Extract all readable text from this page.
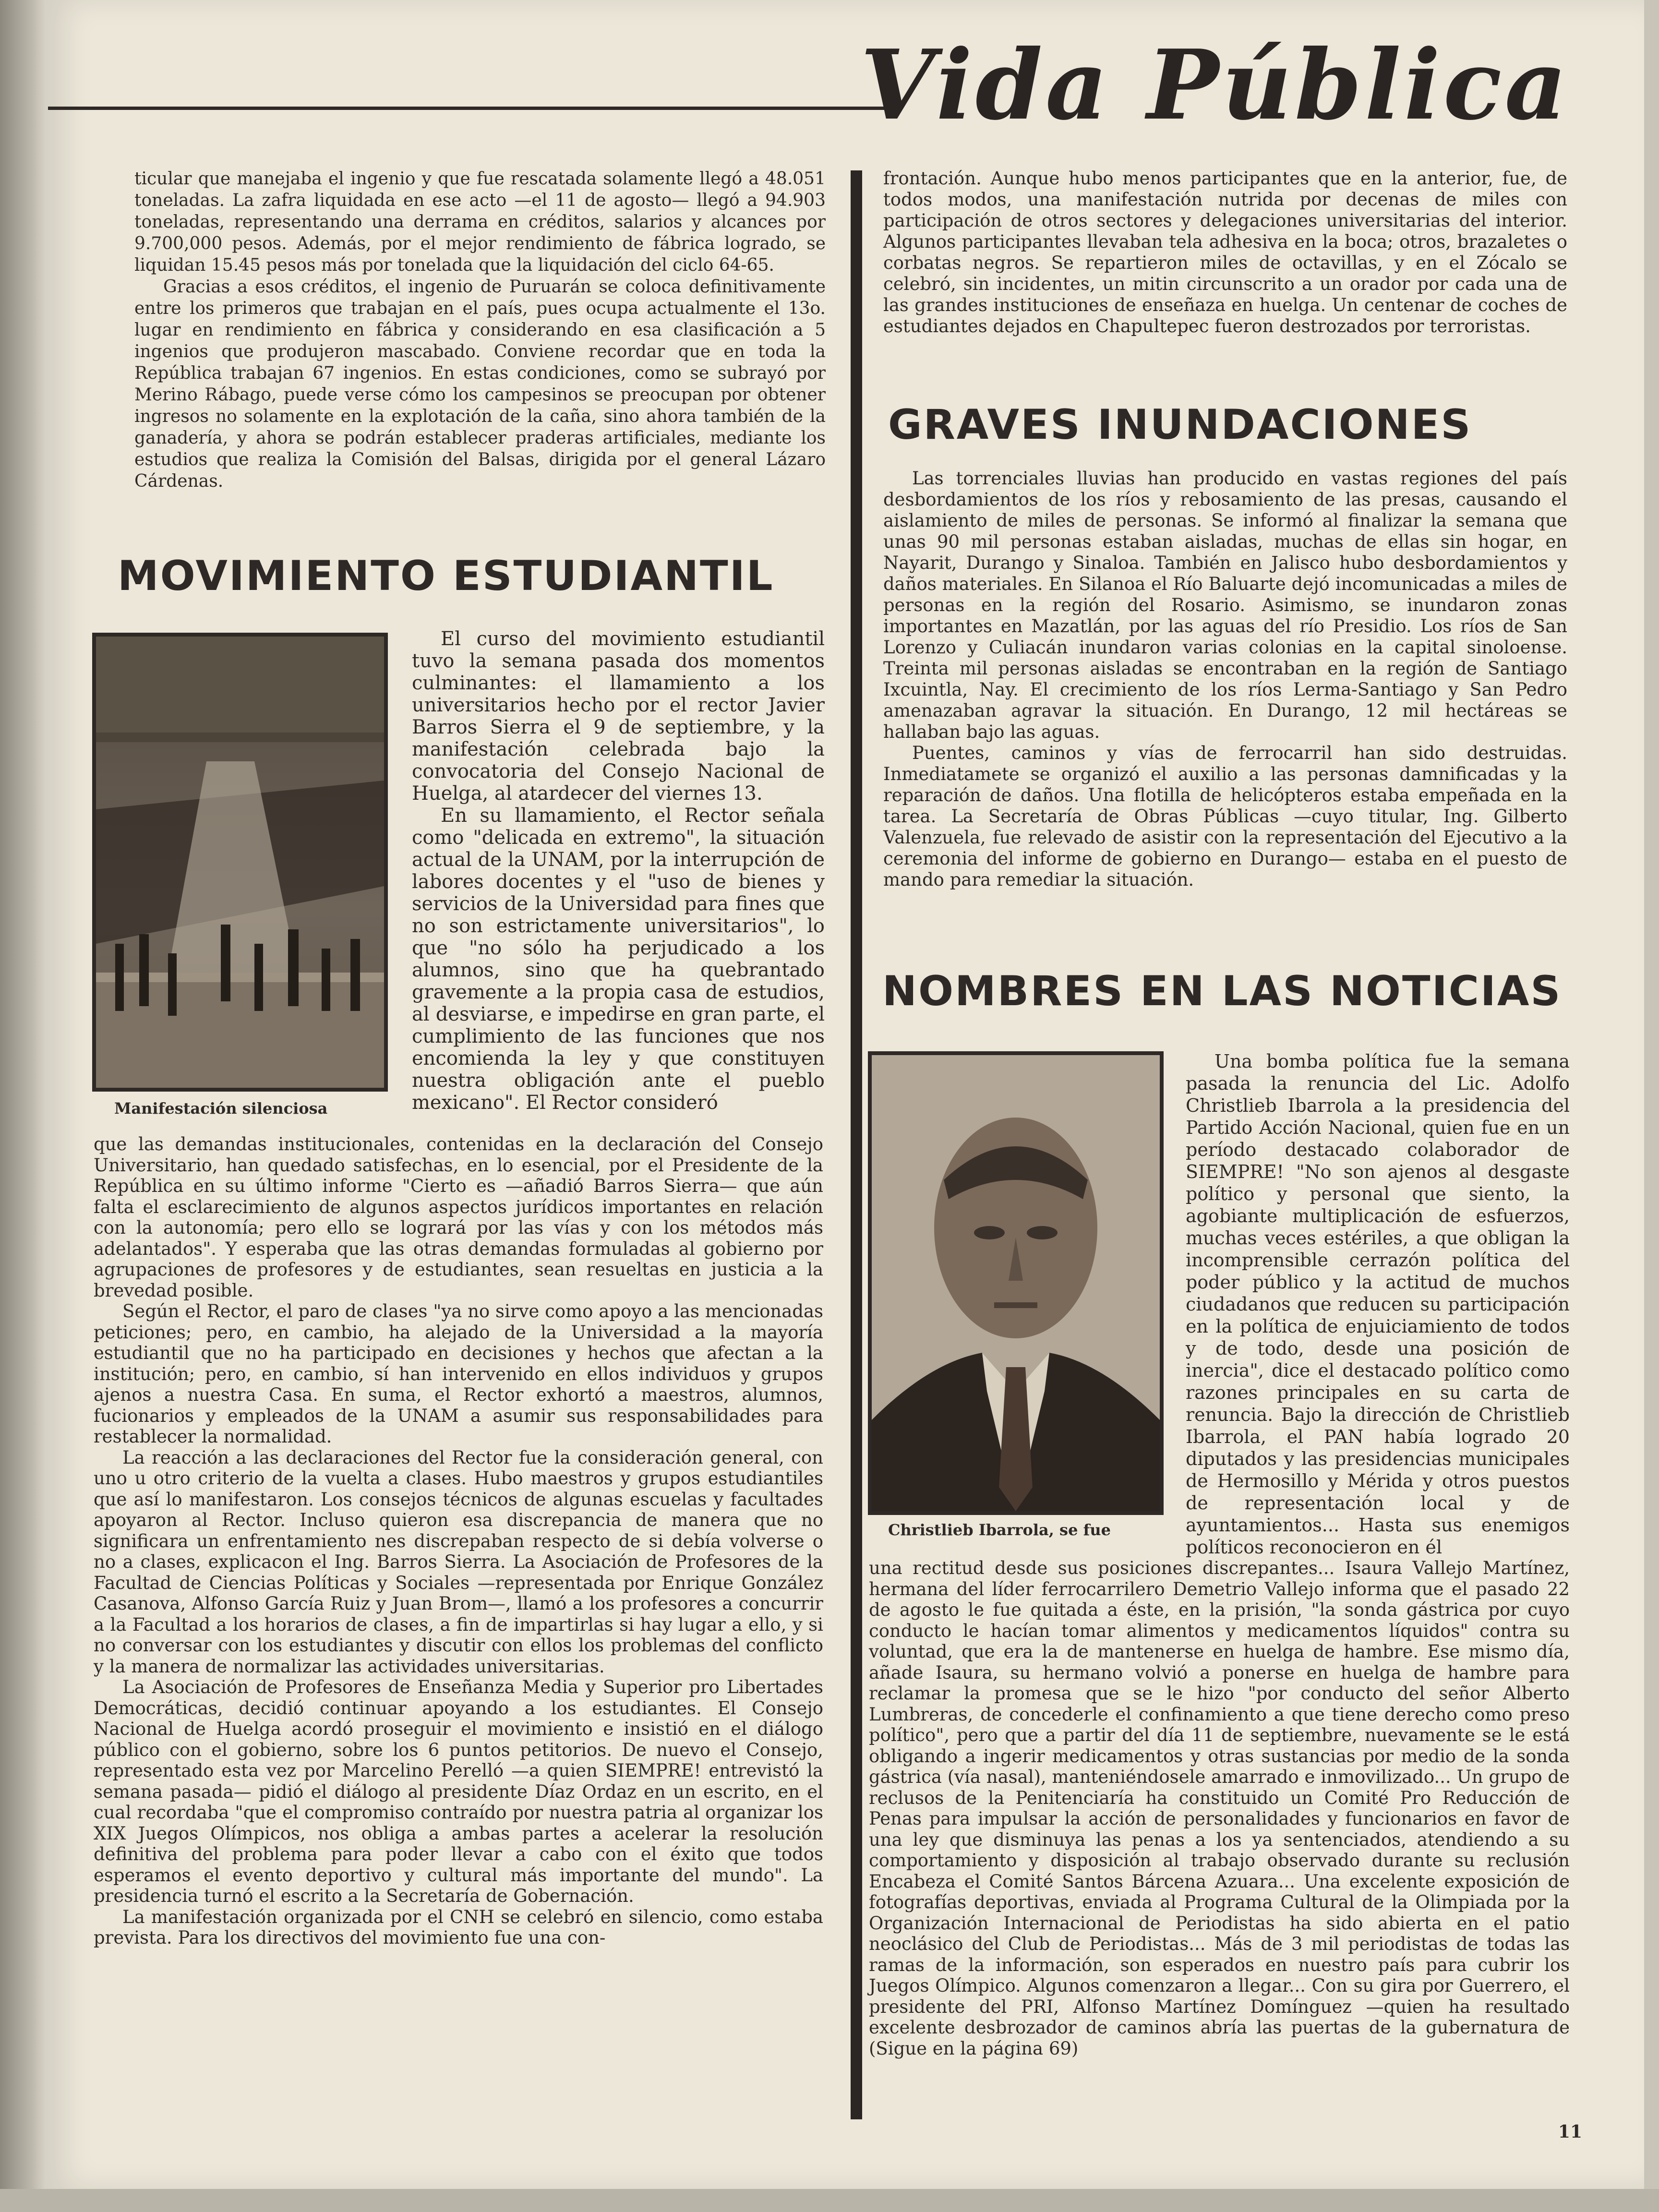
Vida Pública

ticular que manejaba el ingenio y que fue rescatada solamente llegó a 48.051 toneladas. La zafra liquidada en ese acto —el 11 de agosto— llegó a 94.903 toneladas, representando una derrama en créditos, salarios y alcances por 9.700,000 pesos. Además, por el mejor rendimiento de fábrica logrado, se liquidan 15.45 pesos más por tonelada que la liquidación del ciclo 64-65.

Gracias a esos créditos, el ingenio de Puruarán se coloca definitivamente entre los primeros que trabajan en el país, pues ocupa actualmente el 13o. lugar en rendimiento en fábrica y considerando en esa clasificación a 5 ingenios que produjeron mascabado. Conviene recordar que en toda la República trabajan 67 ingenios. En estas condiciones, como se subrayó por Merino Rábago, puede verse cómo los campesinos se preocupan por obtener ingresos no solamente en la explotación de la caña, sino ahora también de la ganadería, y ahora se podrán establecer praderas artificiales, mediante los estudios que realiza la Comisión del Balsas, dirigida por el general Lázaro Cárdenas.

MOVIMIENTO ESTUDIANTIL
Manifestación silenciosa

El curso del movimiento estudiantil tuvo la semana pasada dos momentos culminantes: el llamamiento a los universitarios hecho por el rector Javier Barros Sierra el 9 de septiembre, y la manifestación celebrada bajo la convocatoria del Consejo Nacional de Huelga, al atardecer del viernes 13.

En su llamamiento, el Rector señala como "delicada en extremo", la situación actual de la UNAM, por la interrupción de labores docentes y el "uso de bienes y servicios de la Universidad para fines que no son estrictamente universitarios", lo que "no sólo ha perjudicado a los alumnos, sino que ha quebrantado gravemente a la propia casa de estudios, al desviarse, e impedirse en gran parte, el cumplimiento de las funciones que nos encomienda la ley y que constituyen nuestra obligación ante el pueblo mexicano". El Rector consideró

que las demandas institucionales, contenidas en la declaración del Consejo Universitario, han quedado satisfechas, en lo esencial, por el Presidente de la República en su último informe "Cierto es —añadió Barros Sierra— que aún falta el esclarecimiento de algunos aspectos jurídicos importantes en relación con la autonomía; pero ello se logrará por las vías y con los métodos más adelantados". Y esperaba que las otras demandas formuladas al gobierno por agrupaciones de profesores y de estudiantes, sean resueltas en justicia a la brevedad posible.

Según el Rector, el paro de clases "ya no sirve como apoyo a las mencionadas peticiones; pero, en cambio, ha alejado de la Universidad a la mayoría estudiantil que no ha participado en decisiones y hechos que afectan a la institución; pero, en cambio, sí han intervenido en ellos individuos y grupos ajenos a nuestra Casa. En suma, el Rector exhortó a maestros, alumnos, fucionarios y empleados de la UNAM a asumir sus responsabilidades para restablecer la normalidad.

La reacción a las declaraciones del Rector fue la consideración general, con uno u otro criterio de la vuelta a clases. Hubo maestros y grupos estudiantiles que así lo manifestaron. Los consejos técnicos de algunas escuelas y facultades apoyaron al Rector. Incluso quieron esa discrepancia de manera que no significara un enfrentamiento nes discrepaban respecto de si debía volverse o no a clases, explicacon el Ing. Barros Sierra. La Asociación de Profesores de la Facultad de Ciencias Políticas y Sociales —representada por Enrique González Casanova, Alfonso García Ruiz y Juan Brom—, llamó a los profesores a concurrir a la Facultad a los horarios de clases, a fin de impartirlas si hay lugar a ello, y si no conversar con los estudiantes y discutir con ellos los problemas del conflicto y la manera de normalizar las actividades universitarias.

La Asociación de Profesores de Enseñanza Media y Superior pro Libertades Democráticas, decidió continuar apoyando a los estudiantes. El Consejo Nacional de Huelga acordó proseguir el movimiento e insistió en el diálogo público con el gobierno, sobre los 6 puntos petitorios. De nuevo el Consejo, representado esta vez por Marcelino Perelló —a quien SIEMPRE! entrevistó la semana pasada— pidió el diálogo al presidente Díaz Ordaz en un escrito, en el cual recordaba "que el compromiso contraído por nuestra patria al organizar los XIX Juegos Olímpicos, nos obliga a ambas partes a acelerar la resolución definitiva del problema para poder llevar a cabo con el éxito que todos esperamos el evento deportivo y cultural más importante del mundo". La presidencia turnó el escrito a la Secretaría de Gobernación.

La manifestación organizada por el CNH se celebró en silencio, como estaba prevista. Para los directivos del movimiento fue una con-

frontación. Aunque hubo menos participantes que en la anterior, fue, de todos modos, una manifestación nutrida por decenas de miles con participación de otros sectores y delegaciones universitarias del interior. Algunos participantes llevaban tela adhesiva en la boca; otros, brazaletes o corbatas negros. Se repartieron miles de octavillas, y en el Zócalo se celebró, sin incidentes, un mitin circunscrito a un orador por cada una de las grandes instituciones de enseñaza en huelga. Un centenar de coches de estudiantes dejados en Chapultepec fueron destrozados por terroristas.

GRAVES INUNDACIONES

Las torrenciales lluvias han producido en vastas regiones del país desbordamientos de los ríos y rebosamiento de las presas, causando el aislamiento de miles de personas. Se informó al finalizar la semana que unas 90 mil personas estaban aisladas, muchas de ellas sin hogar, en Nayarit, Durango y Sinaloa. También en Jalisco hubo desbordamientos y daños materiales. En Silanoa el Río Baluarte dejó incomunicadas a miles de personas en la región del Rosario. Asimismo, se inundaron zonas importantes en Mazatlán, por las aguas del río Presidio. Los ríos de San Lorenzo y Culiacán inundaron varias colonias en la capital sinoloense. Treinta mil personas aisladas se encontraban en la región de Santiago Ixcuintla, Nay. El crecimiento de los ríos Lerma-Santiago y San Pedro amenazaban agravar la situación. En Durango, 12 mil hectáreas se hallaban bajo las aguas.

Puentes, caminos y vías de ferrocarril han sido destruidas. Inmediatamete se organizó el auxilio a las personas damnificadas y la reparación de daños. Una flotilla de helicópteros estaba empeñada en la tarea. La Secretaría de Obras Públicas —cuyo titular, Ing. Gilberto Valenzuela, fue relevado de asistir con la representación del Ejecutivo a la ceremonia del informe de gobierno en Durango— estaba en el puesto de mando para remediar la situación.

NOMBRES EN LAS NOTICIAS
Christlieb Ibarrola, se fue

Una bomba política fue la semana pasada la renuncia del Lic. Adolfo Christlieb Ibarrola a la presidencia del Partido Acción Nacional, quien fue en un período destacado colaborador de SIEMPRE! "No son ajenos al desgaste político y personal que siento, la agobiante multiplicación de esfuerzos, muchas veces estériles, a que obligan la incomprensible cerrazón política del poder público y la actitud de muchos ciudadanos que reducen su participación en la política de enjuiciamiento de todos y de todo, desde una posición de inercia", dice el destacado político como razones principales en su carta de renuncia. Bajo la dirección de Christlieb Ibarrola, el PAN había logrado 20 diputados y las presidencias municipales de Hermosillo y Mérida y otros puestos de representación local y de ayuntamientos... Hasta sus enemigos políticos reconocieron en él

una rectitud desde sus posiciones discrepantes... Isaura Vallejo Martínez, hermana del líder ferrocarrilero Demetrio Vallejo informa que el pasado 22 de agosto le fue quitada a éste, en la prisión, "la sonda gástrica por cuyo conducto le hacían tomar alimentos y medicamentos líquidos" contra su voluntad, que era la de mantenerse en huelga de hambre. Ese mismo día, añade Isaura, su hermano volvió a ponerse en huelga de hambre para reclamar la promesa que se le hizo "por conducto del señor Alberto Lumbreras, de concederle el confinamiento a que tiene derecho como preso político", pero que a partir del día 11 de septiembre, nuevamente se le está obligando a ingerir medicamentos y otras sustancias por medio de la sonda gástrica (vía nasal), manteniéndosele amarrado e inmovilizado... Un grupo de reclusos de la Penitenciaría ha constituido un Comité Pro Reducción de Penas para impulsar la acción de personalidades y funcionarios en favor de una ley que disminuya las penas a los ya sentenciados, atendiendo a su comportamiento y disposición al trabajo observado durante su reclusión Encabeza el Comité Santos Bárcena Azuara... Una excelente exposición de fotografías deportivas, enviada al Programa Cultural de la Olimpiada por la Organización Internacional de Periodistas ha sido abierta en el patio neoclásico del Club de Periodistas... Más de 3 mil periodistas de todas las ramas de la información, son esperados en nuestro país para cubrir los Juegos Olímpico. Algunos comenzaron a llegar... Con su gira por Guerrero, el presidente del PRI, Alfonso Martínez Domínguez —quien ha resultado excelente desbrozador de caminos abría las puertas de la gubernatura de (Sigue en la página 69)

11
